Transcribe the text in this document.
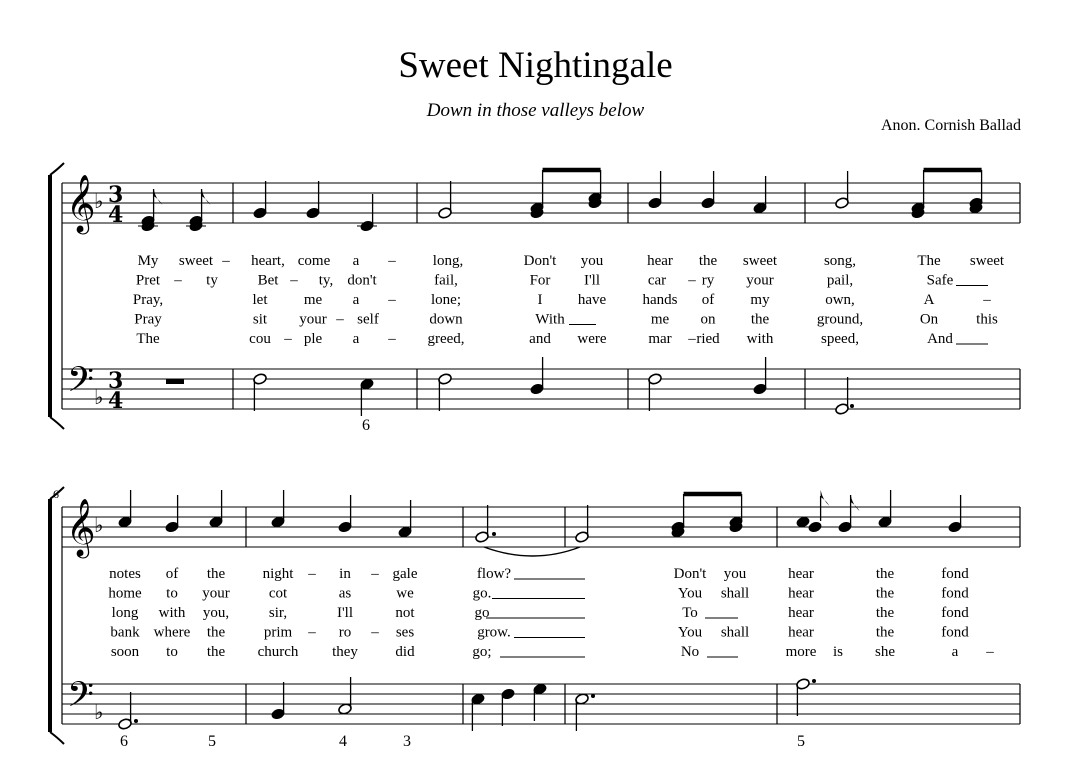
Sweet Nightingale
Down in those valleys below
Anon. Cornish Ballad
𝄞
𝄢
♭
♭
3
4
3
4
𝄞
𝄢
♭
♭
My sweet – heart, come a – long,	Don't you	hear the sweet	song,	The sweet
Pret – ty	Bet – ty, don't	fail,	For I'll	car – ry your	pail,	Safe
Pray,	let me a – lone;	I have hands of my	own,	A	–
Pray	sit your – self	down	With	me on the	ground,	On	this
The	cou – ple a – greed,	and were	mar – ried with	speed,	And
notes of the night – in – gale	flow?	Don't you	hear	the	fond
home to your	cot	as	we	go.	You shall	hear	the	fond
long with you,	sir,	I'll	not	go	To	hear	the	fond
bank where the	prim – ro – ses	grow.	You shall	hear	the	fond
soon to the church they	did	go;	No	more is she	a –
6
6	5	4	3	5
6
